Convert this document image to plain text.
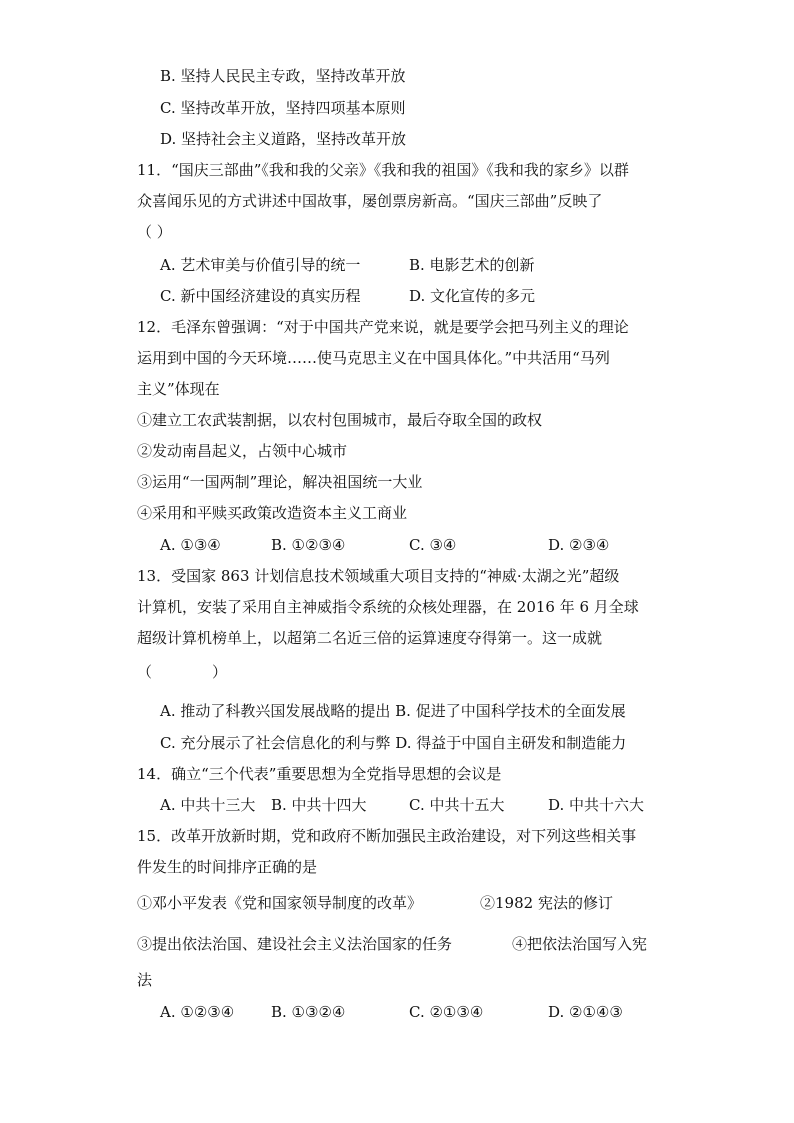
B. 坚持人民民主专政，坚持改革开放
C. 坚持改革开放，坚持四项基本原则
D. 坚持社会主义道路，坚持改革开放
11．“国庆三部曲”《我和我的父亲》《我和我的祖国》《我和我的家乡》以群
众喜闻乐见的方式讲述中国故事，屡创票房新高。“国庆三部曲”反映了
（ ）
A. 艺术审美与价值引导的统一	B. 电影艺术的创新
C. 新中国经济建设的真实历程	D. 文化宣传的多元
12．毛泽东曾强调：“对于中国共产党来说，就是要学会把马列主义的理论
运用到中国的今天环境……使马克思主义在中国具体化。”中共活用“马列
主义”体现在
①建立工农武装割据，以农村包围城市，最后夺取全国的政权
②发动南昌起义，占领中心城市
③运用“一国两制”理论，解决祖国统一大业
④采用和平赎买政策改造资本主义工商业
A. ①③④	B. ①②③④	C. ③④	D. ②③④
13．受国家 863 计划信息技术领域重大项目支持的“神威·太湖之光”超级
计算机，安装了采用自主神威指令系统的众核处理器，在 2016 年 6 月全球
超级计算机榜单上，以超第二名近三倍的运算速度夺得第一。这一成就
（　　　　）
A. 推动了科教兴国发展战略的提出 B. 促进了中国科学技术的全面发展
C. 充分展示了社会信息化的利与弊 D. 得益于中国自主研发和制造能力
14．确立“三个代表”重要思想为全党指导思想的会议是
A. 中共十三大 B. 中共十四大	C. 中共十五大	D. 中共十六大
15．改革开放新时期，党和政府不断加强民主政治建设，对下列这些相关事
件发生的时间排序正确的是
①邓小平发表《党和国家领导制度的改革》	②1982 宪法的修订
③提出依法治国、建设社会主义法治国家的任务	④把依法治国写入宪
法
A. ①②③④ B. ①③②④	C. ②①③④	D. ②①④③
